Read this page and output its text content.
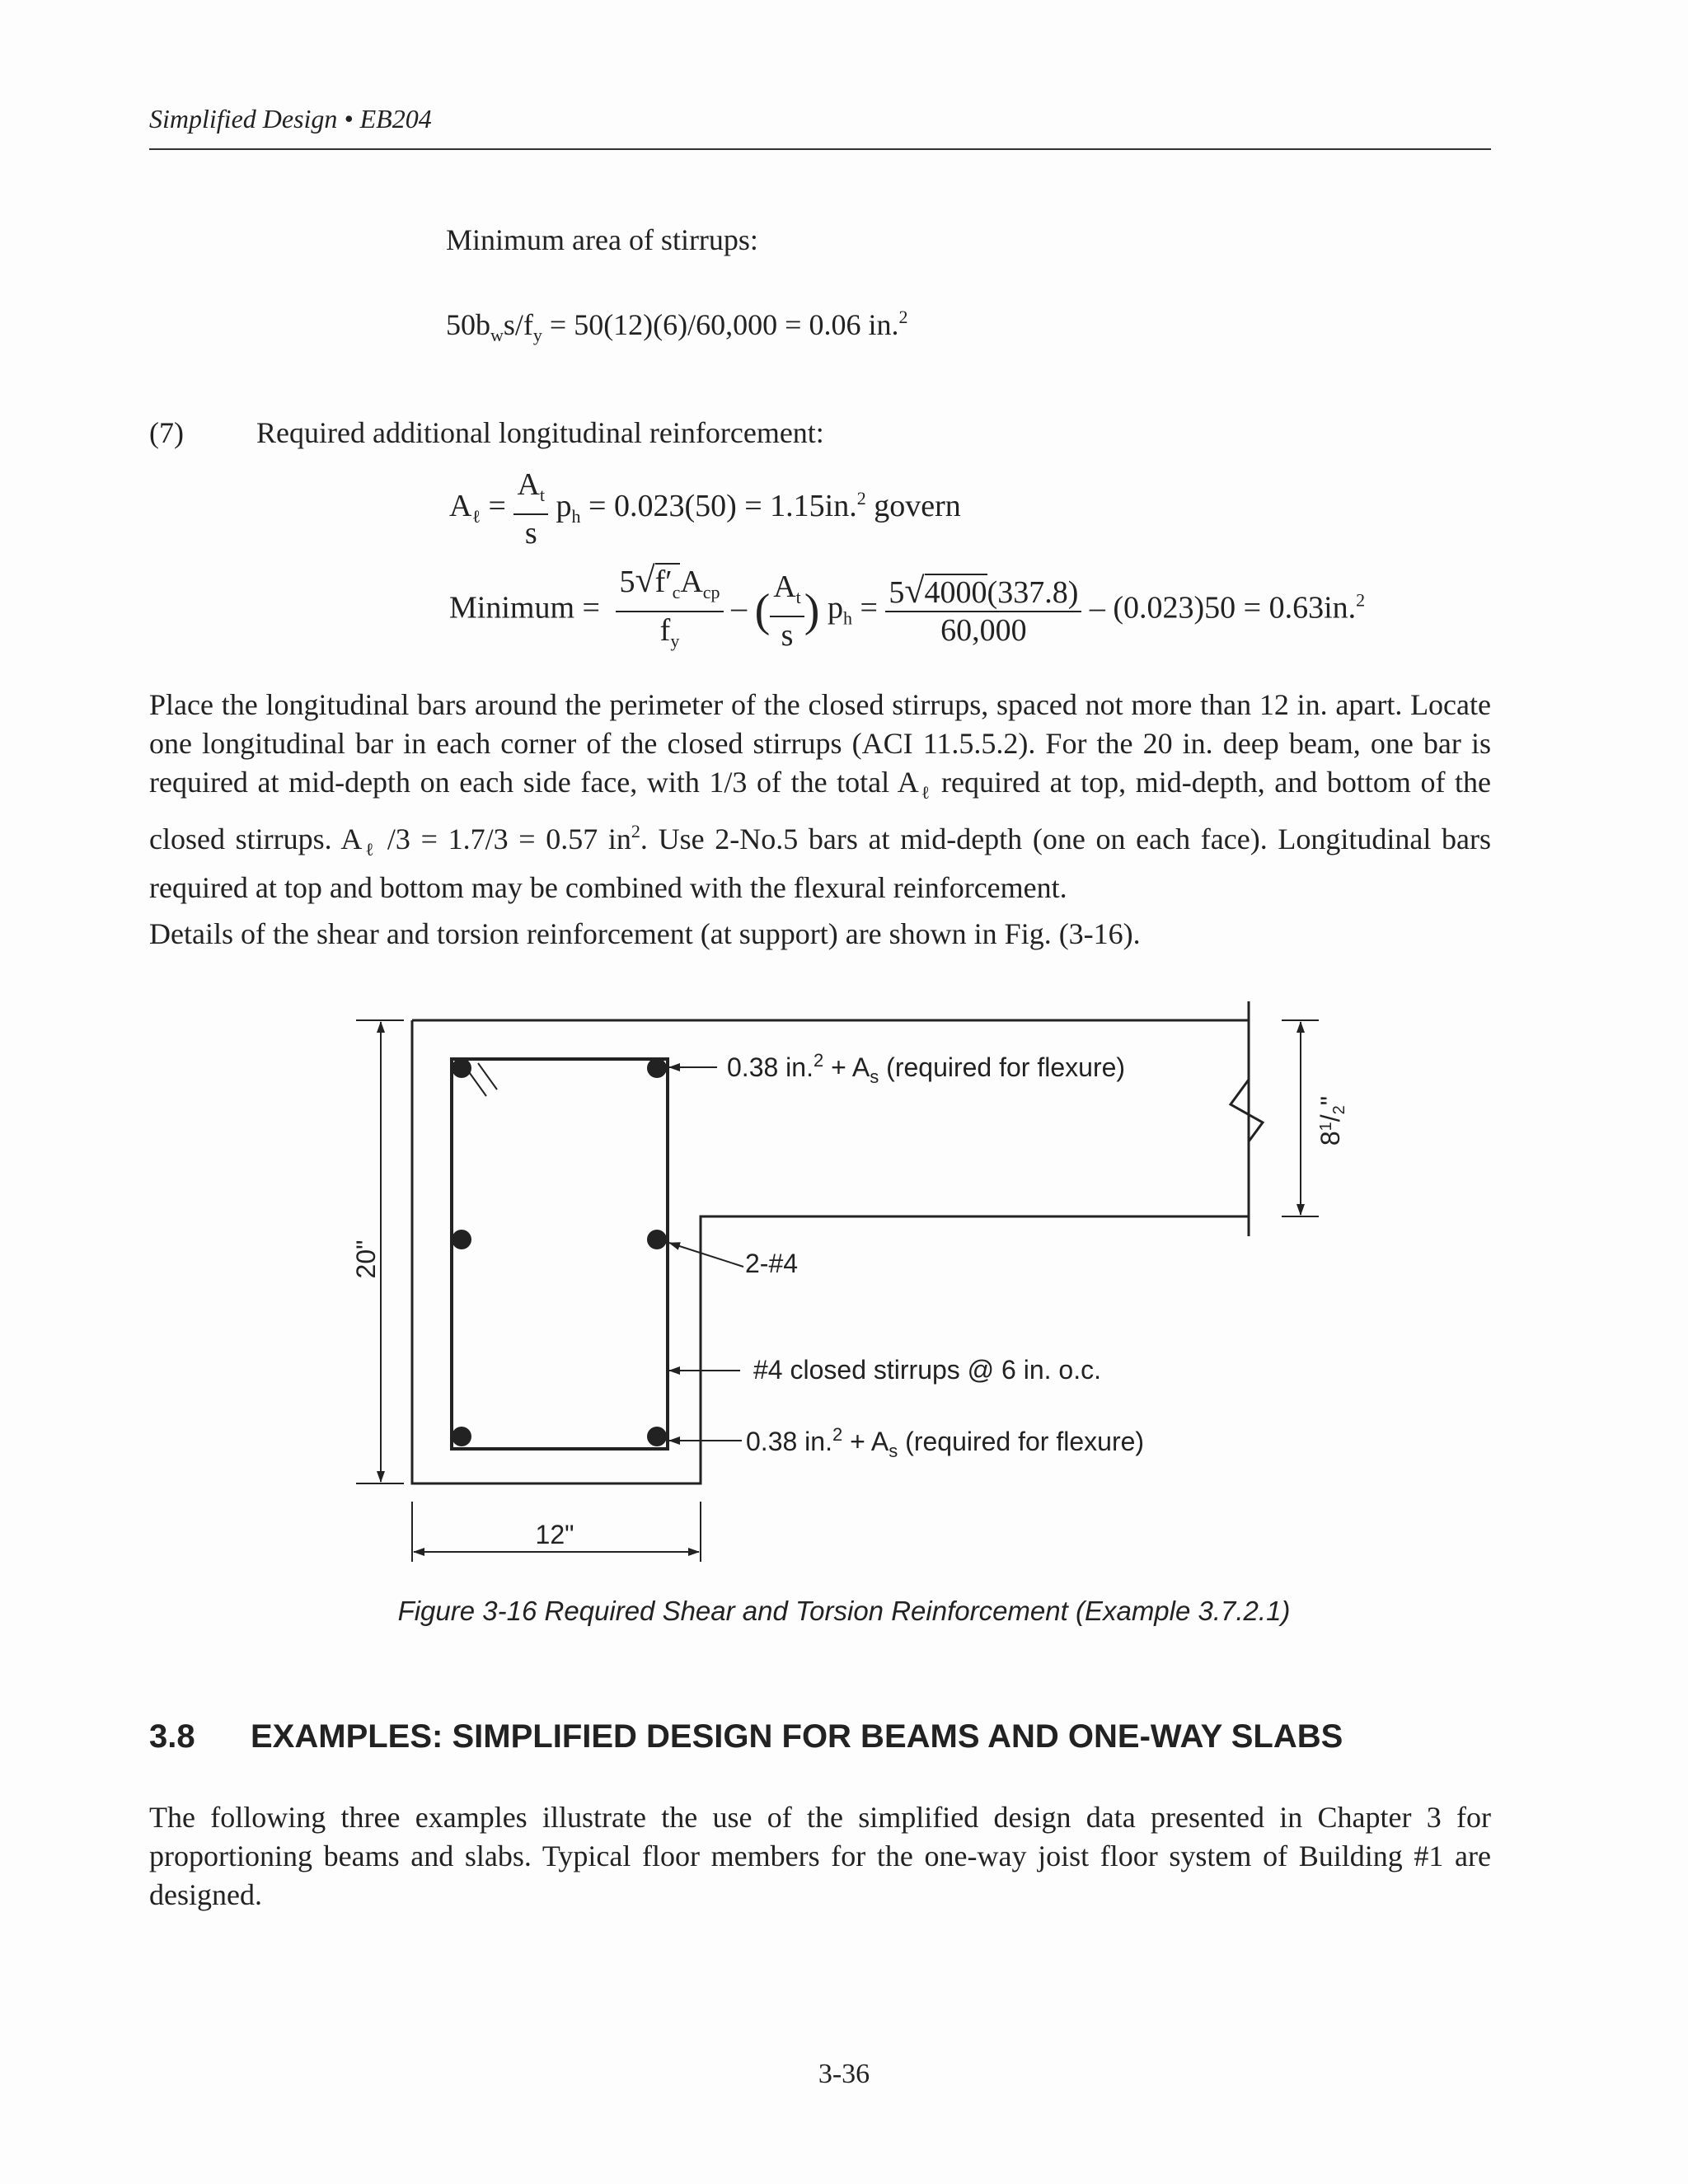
Simplified Design • EB204
Minimum area of stirrups:
$50b_ws/f_y = 50(12)(6)/60,000 = 0.06$ in.$^2$
(7) Required additional longitudinal reinforcement:
$A_\ell = \frac{A_t}{s} p_h = 0.023(50) = 1.15in.^2$ govern
Minimum = $\frac{5√f'_cA_{cp}}{f_y}$ – ( $\frac{A_t}{s}$ ) $p_h = \frac{5√4000(337.8)}{60,000} - (0.023)50 = 0.63in.^2$
Place the longitudinal bars around the perimeter of the closed stirrups, spaced not more than 12 in. apart. Locate one longitudinal bar in each corner of the closed stirrups (ACI 11.5.5.2). For the 20 in. deep beam, one bar is required at mid-depth on each side face, with 1/3 of the total $A_\ell$ required at top, mid-depth, and bottom of the closed stirrups. $A_\ell$ /3 = 1.7/3 = 0.57 $in^2$. Use 2-No.5 bars at mid-depth (one on each face). Longitudinal bars required at top and bottom may be combined with the flexural reinforcement.
Details of the shear and torsion reinforcement (at support) are shown in Fig. (3-16).
0.38 $in.^2 + A_s$ (required for flexure)
2-#4
#4 closed stirrups @ 6 in. o.c.
0.38 $in.^2 + A_s$ (required for flexure)
20"
12"
$8^1/2$"
Figure 3-16 Required Shear and Torsion Reinforcement (Example 3.7.2.1)
3.8 EXAMPLES: SIMPLIFIED DESIGN FOR BEAMS AND ONE-WAY SLABS
The following three examples illustrate the use of the simplified design data presented in Chapter 3 for proportioning beams and slabs. Typical floor members for the one-way joist floor system of Building #1 are designed.
3-36
